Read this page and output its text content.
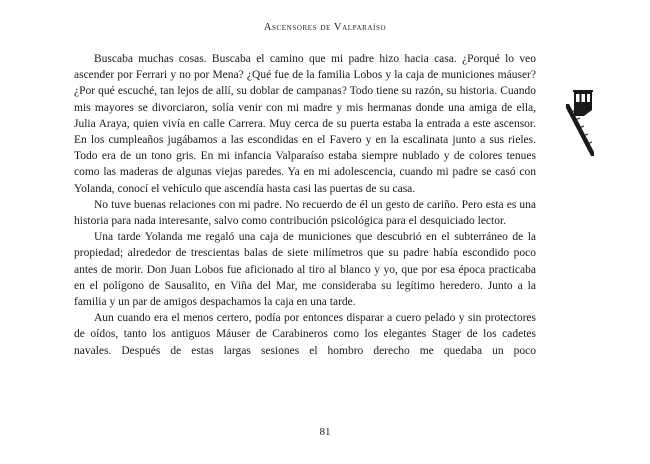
Ascensores de Valparaíso

Buscaba muchas cosas. Buscaba el camino que mi padre hizo hacia casa. ¿Porqué lo veo ascender por Ferrari y no por Mena? ¿Qué fue de la familia Lobos y la caja de municiones máuser? ¿Por qué escuché, tan lejos de allí, su doblar de campanas? Todo tiene su razón, su historia. Cuando mis mayores se divorciaron, solía venir con mi madre y mis hermanas donde una amiga de ella, Julia Araya, quien vivía en calle Carrera. Muy cerca de su puerta estaba la entrada a este ascensor. En los cumpleaños jugábamos a las escondidas en el Favero y en la escalinata junto a sus rieles. Todo era de un tono gris. En mi infancia Valparaíso estaba siempre nublado y de colores tenues como las maderas de algunas viejas paredes. Ya en mi adolescencia, cuando mi padre se casó con Yolanda, conocí el vehículo que ascendía hasta casi las puertas de su casa.

No tuve buenas relaciones con mi padre. No recuerdo de él un gesto de cariño. Pero esta es una historia para nada interesante, salvo como contribución psicológica para el desquiciado lector.

Una tarde Yolanda me regaló una caja de municiones que descubrió en el subterráneo de la propiedad; alrededor de trescientas balas de siete milímetros que su padre había escondido poco antes de morir. Don Juan Lobos fue aficionado al tiro al blanco y yo, que por esa época practicaba en el polígono de Sausalito, en Viña del Mar, me consideraba su legítimo heredero. Junto a la familia y un par de amigos despachamos la caja en una tarde.

Aun cuando era el menos certero, podía por entonces disparar a cuero pelado y sin protectores de oídos, tanto los antiguos Máuser de Carabineros como los elegantes Stager de los cadetes navales. Después de estas largas sesiones el hombro derecho me quedaba un poco

81
